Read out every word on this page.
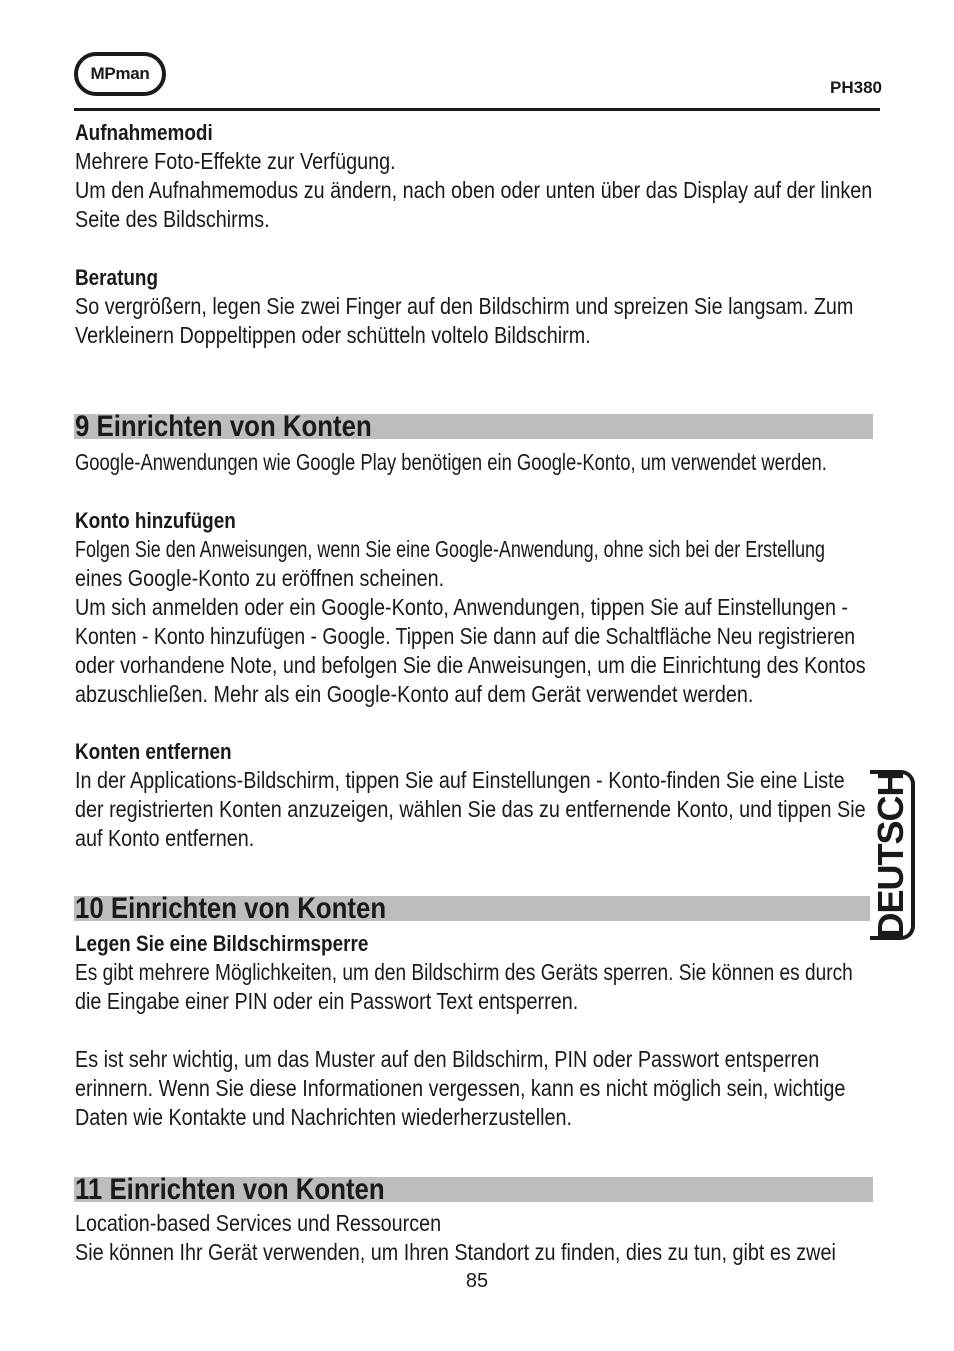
MPman
PH380
Aufnahmemodi
Mehrere Foto-Effekte zur Verfügung.
Um den Aufnahmemodus zu ändern, nach oben oder unten über das Display auf der linken
Seite des Bildschirms.
Beratung
So vergrößern, legen Sie zwei Finger auf den Bildschirm und spreizen Sie langsam. Zum
Verkleinern Doppeltippen oder schütteln voltelo Bildschirm.
9 Einrichten von Konten
Google-Anwendungen wie Google Play benötigen ein Google-Konto, um verwendet werden.
Konto hinzufügen
Folgen Sie den Anweisungen, wenn Sie eine Google-Anwendung, ohne sich bei der Erstellung
eines Google-Konto zu eröffnen scheinen.
Um sich anmelden oder ein Google-Konto, Anwendungen, tippen Sie auf Einstellungen -
Konten - Konto hinzufügen - Google. Tippen Sie dann auf die Schaltfläche Neu registrieren
oder vorhandene Note, und befolgen Sie die Anweisungen, um die Einrichtung des Kontos
abzuschließen. Mehr als ein Google-Konto auf dem Gerät verwendet werden.
Konten entfernen
In der Applications-Bildschirm, tippen Sie auf Einstellungen - Konto-finden Sie eine Liste
der registrierten Konten anzuzeigen, wählen Sie das zu entfernende Konto, und tippen Sie
auf Konto entfernen.
10 Einrichten von Konten
Legen Sie eine Bildschirmsperre
Es gibt mehrere Möglichkeiten, um den Bildschirm des Geräts sperren. Sie können es durch
die Eingabe einer PIN oder ein Passwort Text entsperren.
Es ist sehr wichtig, um das Muster auf den Bildschirm, PIN oder Passwort entsperren
erinnern. Wenn Sie diese Informationen vergessen, kann es nicht möglich sein, wichtige
Daten wie Kontakte und Nachrichten wiederherzustellen.
11 Einrichten von Konten
Location-based Services und Ressourcen
Sie können Ihr Gerät verwenden, um Ihren Standort zu finden, dies zu tun, gibt es zwei
DEUTSCH
85
